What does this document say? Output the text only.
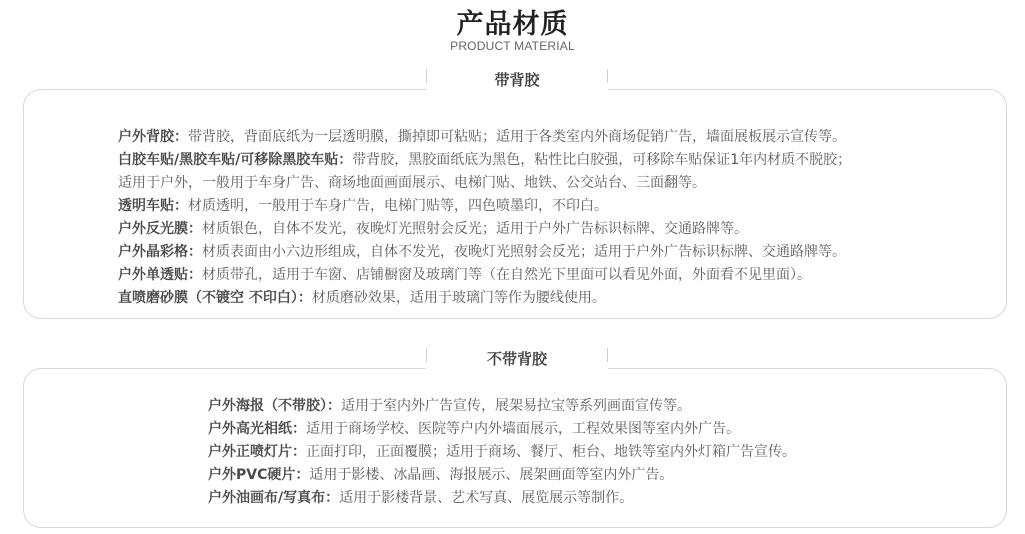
产品材质
PRODUCT MATERIAL
带背胶
户外背胶：带背胶，背面底纸为一层透明膜，撕掉即可粘贴；适用于各类室内外商场促销广告，墙面展板展示宣传等。
白胶车贴/黑胶车贴/可移除黑胶车贴：带背胶，黑胶面纸底为黑色，粘性比白胶强，可移除车贴保证1年内材质不脱胶；
适用于户外，一般用于车身广告、商场地面画面展示、电梯门贴、地铁、公交站台、三面翻等。
透明车贴：材质透明，一般用于车身广告，电梯门贴等，四色喷墨印，不印白。
户外反光膜：材质银色，自体不发光，夜晚灯光照射会反光；适用于户外广告标识标牌、交通路牌等。
户外晶彩格：材质表面由小六边形组成，自体不发光，夜晚灯光照射会反光；适用于户外广告标识标牌、交通路牌等。
户外单透贴：材质带孔，适用于车窗、店铺橱窗及玻璃门等（在自然光下里面可以看见外面，外面看不见里面）。
直喷磨砂膜（不镀空 不印白）：材质磨砂效果，适用于玻璃门等作为腰线使用。
不带背胶
户外海报（不带胶）：适用于室内外广告宣传，展架易拉宝等系列画面宣传等。
户外高光相纸：适用于商场学校、医院等户内外墙面展示，工程效果图等室内外广告。
户外正喷灯片：正面打印，正面覆膜；适用于商场、餐厅、柜台、地铁等室内外灯箱广告宣传。
户外PVC硬片：适用于影楼、冰晶画、海报展示、展架画面等室内外广告。
户外油画布/写真布：适用于影楼背景、艺术写真、展览展示等制作。
